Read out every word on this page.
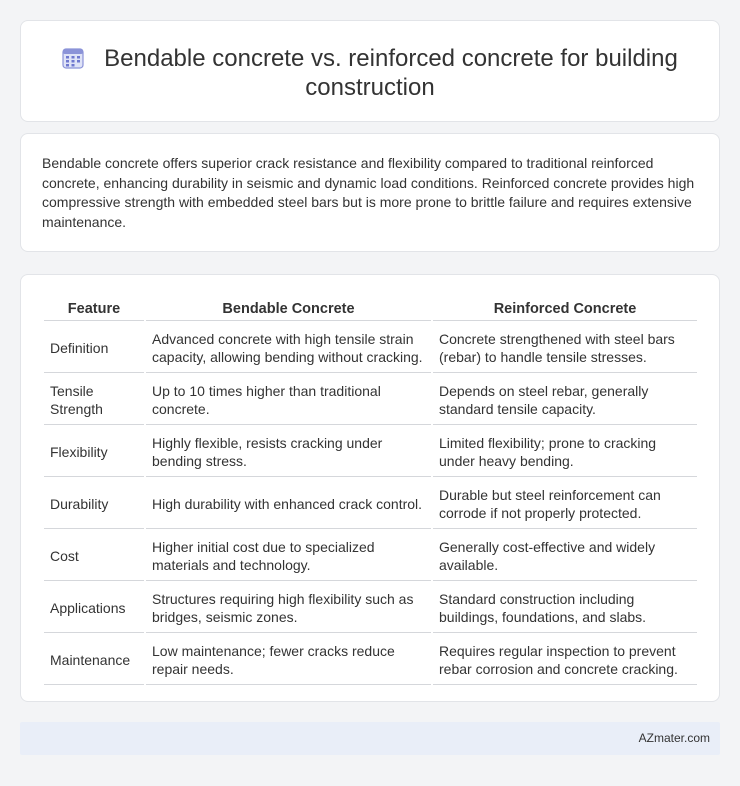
Bendable concrete vs. reinforced concrete for building construction

Bendable concrete offers superior crack resistance and flexibility compared to traditional reinforced concrete, enhancing durability in seismic and dynamic load conditions. Reinforced concrete provides high compressive strength with embedded steel bars but is more prone to brittle failure and requires extensive maintenance.

Feature	Bendable Concrete	Reinforced Concrete
Definition	Advanced concrete with high tensile strain capacity, allowing bending without cracking.	Concrete strengthened with steel bars (rebar) to handle tensile stresses.
Tensile Strength	Up to 10 times higher than traditional concrete.	Depends on steel rebar, generally standard tensile capacity.
Flexibility	Highly flexible, resists cracking under bending stress.	Limited flexibility; prone to cracking under heavy bending.
Durability	High durability with enhanced crack control.	Durable but steel reinforcement can corrode if not properly protected.
Cost	Higher initial cost due to specialized materials and technology.	Generally cost-effective and widely available.
Applications	Structures requiring high flexibility such as bridges, seismic zones.	Standard construction including buildings, foundations, and slabs.
Maintenance	Low maintenance; fewer cracks reduce repair needs.	Requires regular inspection to prevent rebar corrosion and concrete cracking.
AZmater.com
